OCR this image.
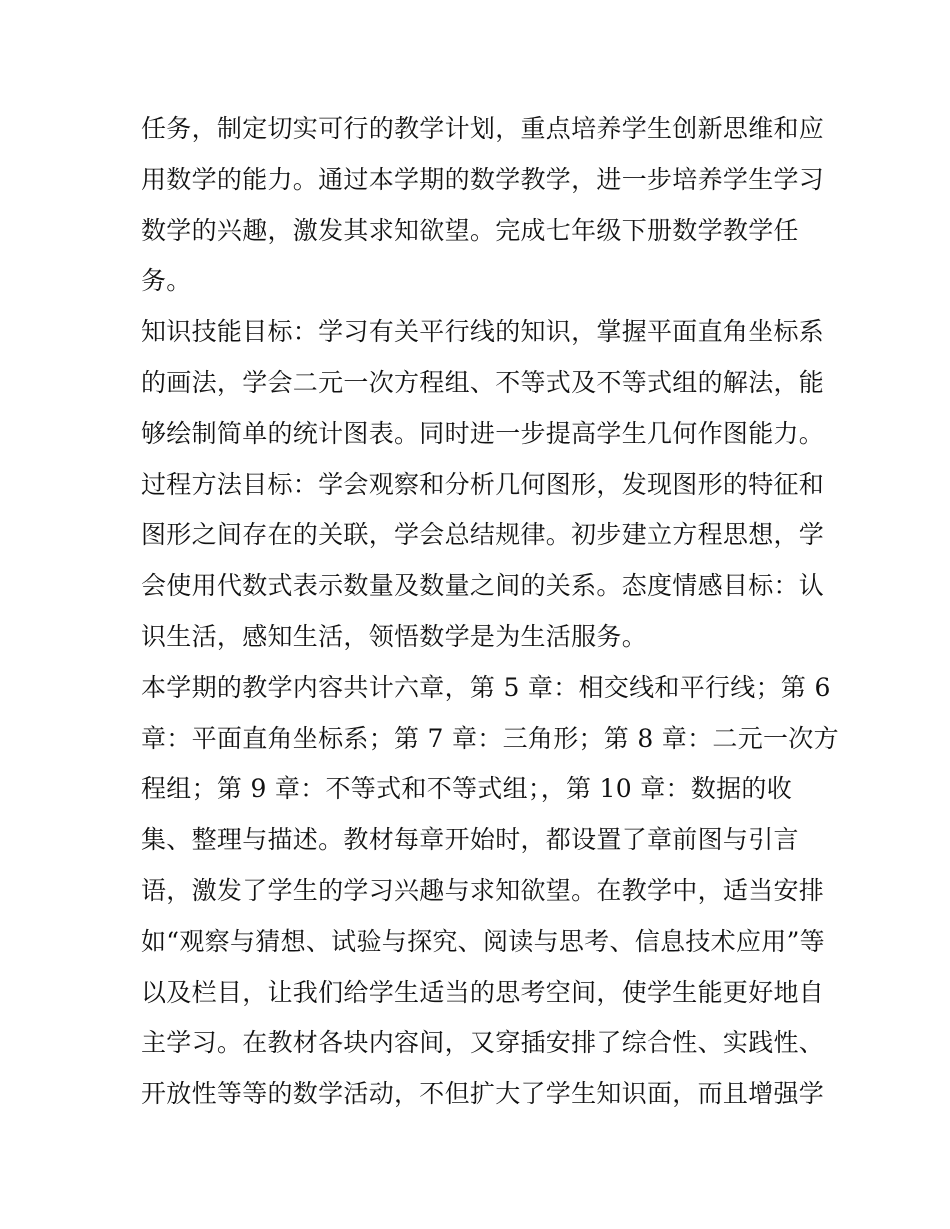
任务，制定切实可行的教学计划，重点培养学生创新思维和应
用数学的能力。通过本学期的数学教学，进一步培养学生学习
数学的兴趣，激发其求知欲望。完成七年级下册数学教学任
务。
知识技能目标：学习有关平行线的知识，掌握平面直角坐标系
的画法，学会二元一次方程组、不等式及不等式组的解法，能
够绘制简单的统计图表。同时进一步提高学生几何作图能力。
过程方法目标：学会观察和分析几何图形，发现图形的特征和
图形之间存在的关联，学会总结规律。初步建立方程思想，学
会使用代数式表示数量及数量之间的关系。态度情感目标：认
识生活，感知生活，领悟数学是为生活服务。
本学期的教学内容共计六章，第 5 章：相交线和平行线；第 6
章：平面直角坐标系；第 7 章：三角形；第 8 章：二元一次方
程组；第 9 章：不等式和不等式组；，第 10 章：数据的收
集、整理与描述。教材每章开始时，都设置了章前图与引言
语，激发了学生的学习兴趣与求知欲望。在教学中，适当安排
如“观察与猜想、试验与探究、阅读与思考、信息技术应用”等
以及栏目，让我们给学生适当的思考空间，使学生能更好地自
主学习。在教材各块内容间，又穿插安排了综合性、实践性、
开放性等等的数学活动，不但扩大了学生知识面，而且增强学
